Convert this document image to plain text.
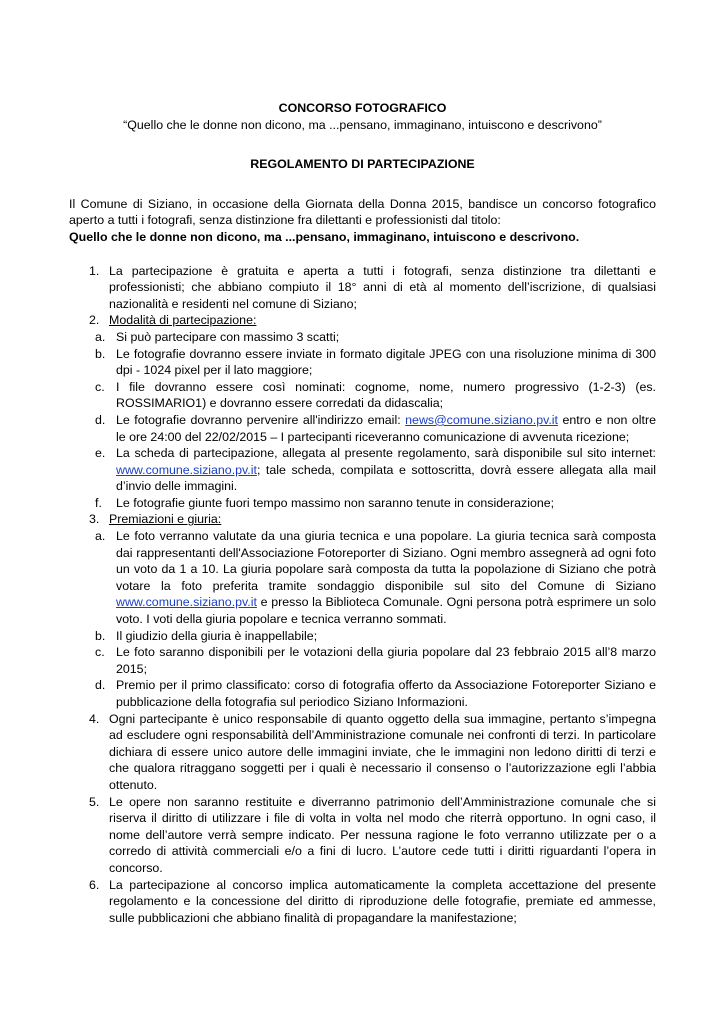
CONCORSO FOTOGRAFICO

“Quello che le donne non dicono, ma ...pensano, immaginano, intuiscono e descrivono”

REGOLAMENTO DI PARTECIPAZIONE

Il Comune di Siziano, in occasione della Giornata della Donna 2015, bandisce un concorso fotografico aperto a tutti i fotografi, senza distinzione fra dilettanti e professionisti dal titolo:

Quello che le donne non dicono, ma ...pensano, immaginano, intuiscono e descrivono.

1. La partecipazione è gratuita e aperta a tutti i fotografi, senza distinzione tra dilettanti e professionisti; che abbiano compiuto il 18° anni di età al momento dell’iscrizione, di qualsiasi nazionalità e residenti nel comune di Siziano;
2. Modalità di partecipazione:
a. Si può partecipare con massimo 3 scatti;
b. Le fotografie dovranno essere inviate in formato digitale JPEG con una risoluzione minima di 300 dpi - 1024 pixel per il lato maggiore;
c. I file dovranno essere così nominati: cognome, nome, numero progressivo (1-2-3) (es. ROSSIMARIO1) e dovranno essere corredati da didascalia;
d. Le fotografie dovranno pervenire all'indirizzo email: news@comune.siziano.pv.it entro e non oltre le ore 24:00 del 22/02/2015 – I partecipanti riceveranno comunicazione di avvenuta ricezione;
e. La scheda di partecipazione, allegata al presente regolamento, sarà disponibile sul sito internet: www.comune.siziano.pv.it; tale scheda, compilata e sottoscritta, dovrà essere allegata alla mail d’invio delle immagini.
f. Le fotografie giunte fuori tempo massimo non saranno tenute in considerazione;
3. Premiazioni e giuria:
a. Le foto verranno valutate da una giuria tecnica e una popolare. La giuria tecnica sarà composta dai rappresentanti dell'Associazione Fotoreporter di Siziano. Ogni membro assegnerà ad ogni foto un voto da 1 a 10. La giuria popolare sarà composta da tutta la popolazione di Siziano che potrà votare la foto preferita tramite sondaggio disponibile sul sito del Comune di Siziano www.comune.siziano.pv.it e presso la Biblioteca Comunale. Ogni persona potrà esprimere un solo voto. I voti della giuria popolare e tecnica verranno sommati.
b. Il giudizio della giuria è inappellabile;
c. Le foto saranno disponibili per le votazioni della giuria popolare dal 23 febbraio 2015 all’8 marzo 2015;
d. Premio per il primo classificato: corso di fotografia offerto da Associazione Fotoreporter Siziano e pubblicazione della fotografia sul periodico Siziano Informazioni.
4. Ogni partecipante è unico responsabile di quanto oggetto della sua immagine, pertanto s’impegna ad escludere ogni responsabilità dell’Amministrazione comunale nei confronti di terzi. In particolare dichiara di essere unico autore delle immagini inviate, che le immagini non ledono diritti di terzi e che qualora ritraggano soggetti per i quali è necessario il consenso o l’autorizzazione egli l’abbia ottenuto.
5. Le opere non saranno restituite e diverranno patrimonio dell’Amministrazione comunale che si riserva il diritto di utilizzare i file di volta in volta nel modo che riterrà opportuno. In ogni caso, il nome dell’autore verrà sempre indicato. Per nessuna ragione le foto verranno utilizzate per o a corredo di attività commerciali e/o a fini di lucro. L’autore cede tutti i diritti riguardanti l’opera in concorso.
6. La partecipazione al concorso implica automaticamente la completa accettazione del presente regolamento e la concessione del diritto di riproduzione delle fotografie, premiate ed ammesse, sulle pubblicazioni che abbiano finalità di propagandare la manifestazione;
